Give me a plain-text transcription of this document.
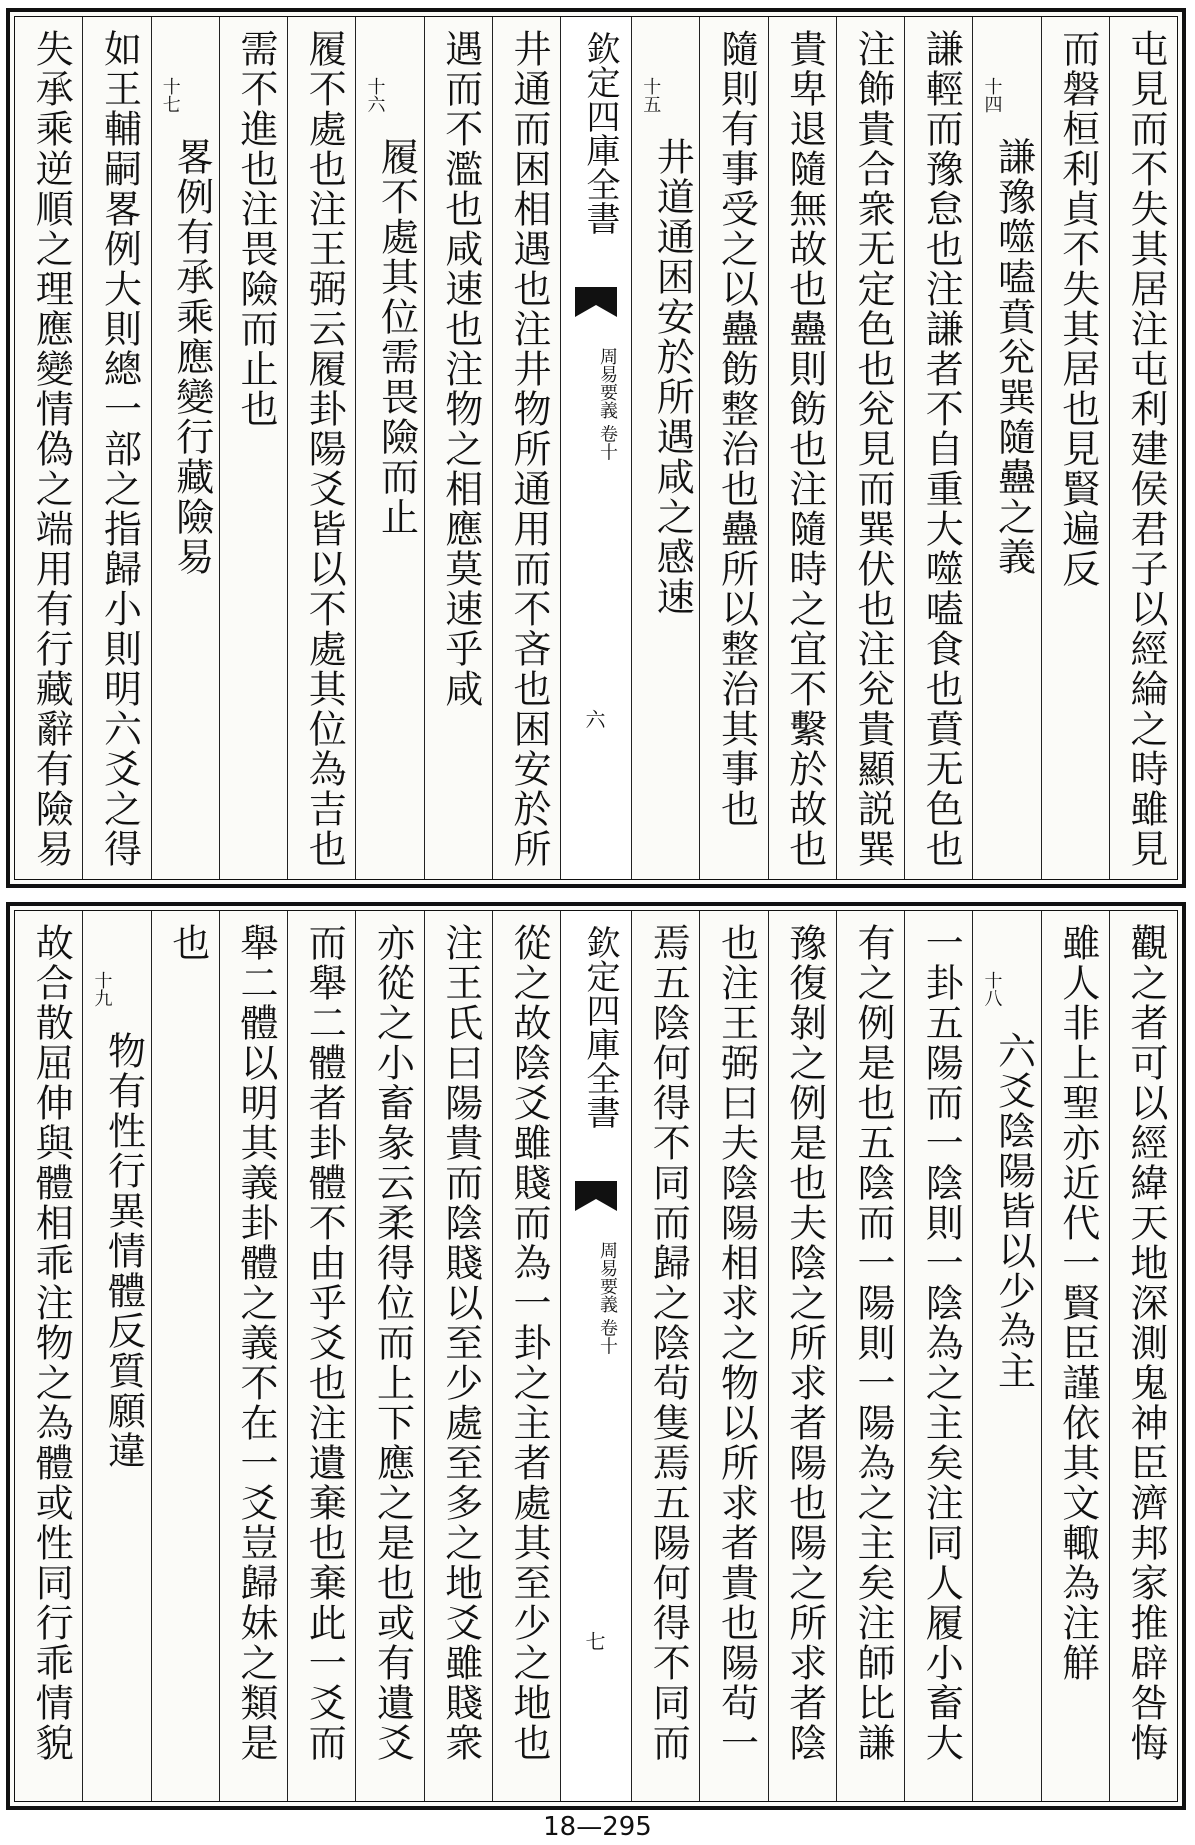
屯見而不失其居注屯利建侯君子以經綸之時雖見
而磐桓利貞不失其居也見賢遍反
十四
謙豫噬嗑賁兊巽隨蠱之義
謙輕而豫怠也注謙者不自重大噬嗑食也賁无色也
注飾貴合衆无定色也兊見而巽伏也注兊貴顯説巽
貴卑退隨無故也蠱則飭也注隨時之宜不繫於故也
隨則有事受之以蠱飭整治也蠱所以整治其事也
十五
井道通困安於所遇咸之感速
欽定四庫全書
周易要義 卷十
六
井通而困相遇也注井物所通用而不吝也困安於所
遇而不濫也咸速也注物之相應莫速乎咸
十六
履不處其位需畏險而止
履不處也注王弼云履卦陽爻皆以不處其位為吉也
需不進也注畏險而止也
十七
畧例有承乘應變行藏險易
如王輔嗣畧例大則總一部之指歸小則明六爻之得
失承乘逆順之理應變情偽之端用有行藏辭有險易
觀之者可以經緯天地深測鬼神臣濟邦家推辟咎悔
雖人非上聖亦近代一賢臣謹依其文輙為注觧
十八
六爻陰陽皆以少為主
一卦五陽而一陰則一陰為之主矣注同人履小畜大
有之例是也五陰而一陽則一陽為之主矣注師比謙
豫復剝之例是也夫陰之所求者陽也陽之所求者陰
也注王弼曰夫陰陽相求之物以所求者貴也陽茍一
焉五陰何得不同而歸之陰茍隻焉五陽何得不同而
欽定四庫全書
周易要義 卷十
七
從之故陰爻雖賤而為一卦之主者處其至少之地也
注王氏曰陽貴而陰賤以至少處至多之地爻雖賤衆
亦從之小畜彖云柔得位而上下應之是也或有遺爻
而舉二體者卦體不由乎爻也注遺棄也棄此一爻而
舉二體以明其義卦體之義不在一爻豈歸妹之類是
也
十九
物有性行異情體反質願違
故合散屈伸與體相乖注物之為體或性同行乖情貌
18—295
